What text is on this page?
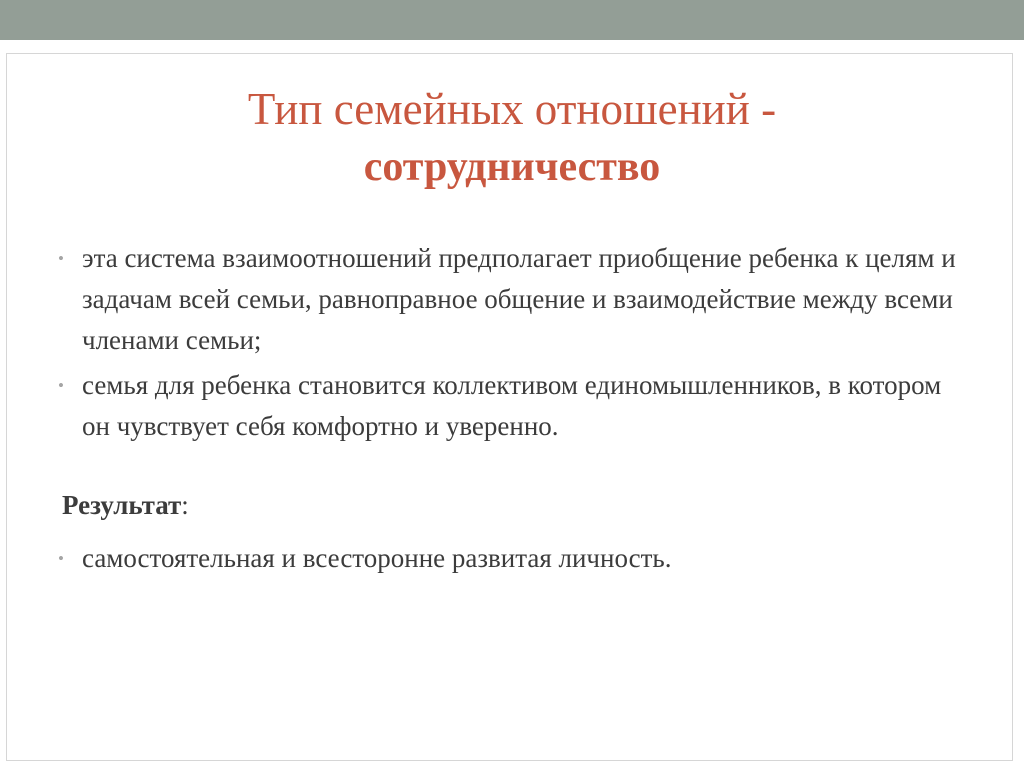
Тип семейных отношений -
сотрудничество
• эта система взаимоотношений предполагает приобщение ребенка к целям и задачам всей семьи, равноправное общение и взаимодействие между всеми членами семьи;
• семья для ребенка становится коллективом единомышленников, в котором он чувствует себя комфортно и уверенно.

Результат:

• самостоятельная и всесторонне развитая личность.
